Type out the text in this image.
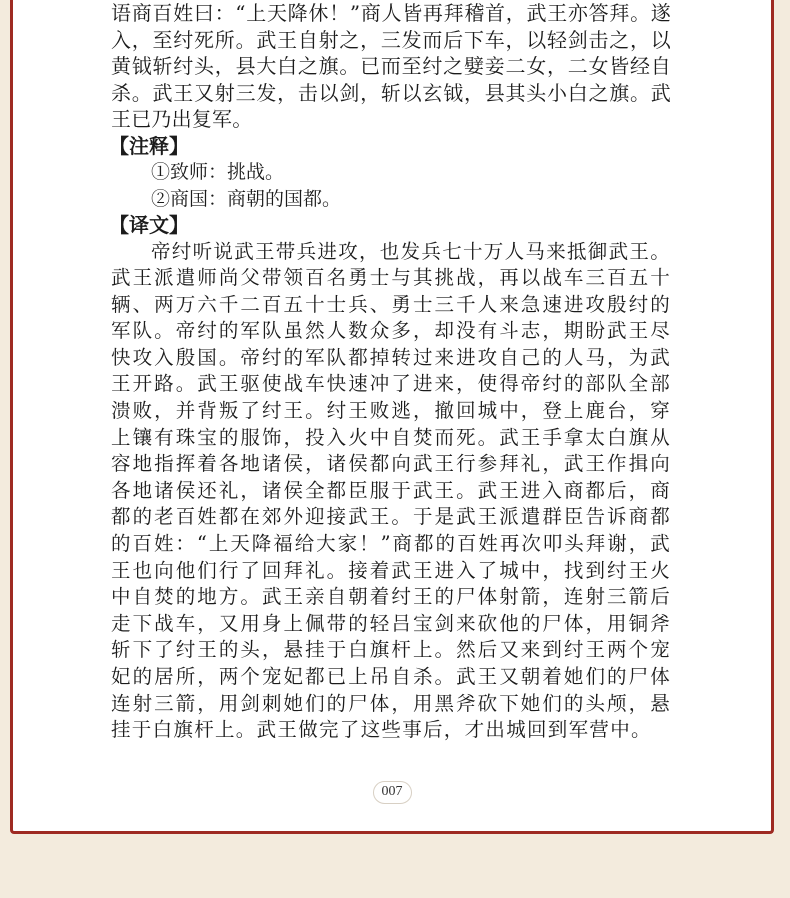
语商百姓曰：“上天降休！”商人皆再拜稽首，武王亦答拜。遂入，至纣死所。武王自射之，三发而后下车，以轻剑击之，以黄钺斩纣头，县大白之旗。已而至纣之嬖妾二女，二女皆经自杀。武王又射三发，击以剑，斩以玄钺，县其头小白之旗。武王已乃出复军。

【注释】

①致师：挑战。

②商国：商朝的国都。

【译文】

帝纣听说武王带兵进攻，也发兵七十万人马来抵御武王。武王派遣师尚父带领百名勇士与其挑战，再以战车三百五十辆、两万六千二百五十士兵、勇士三千人来急速进攻殷纣的军队。帝纣的军队虽然人数众多，却没有斗志，期盼武王尽快攻入殷国。帝纣的军队都掉转过来进攻自己的人马，为武王开路。武王驱使战车快速冲了进来，使得帝纣的部队全部溃败，并背叛了纣王。纣王败逃，撤回城中，登上鹿台，穿上镶有珠宝的服饰，投入火中自焚而死。武王手拿太白旗从容地指挥着各地诸侯，诸侯都向武王行参拜礼，武王作揖向各地诸侯还礼，诸侯全都臣服于武王。武王进入商都后，商都的老百姓都在郊外迎接武王。于是武王派遣群臣告诉商都的百姓：“上天降福给大家！”商都的百姓再次叩头拜谢，武王也向他们行了回拜礼。接着武王进入了城中，找到纣王火中自焚的地方。武王亲自朝着纣王的尸体射箭，连射三箭后走下战车，又用身上佩带的轻吕宝剑来砍他的尸体，用铜斧斩下了纣王的头，悬挂于白旗杆上。然后又来到纣王两个宠妃的居所，两个宠妃都已上吊自杀。武王又朝着她们的尸体连射三箭，用剑刺她们的尸体，用黑斧砍下她们的头颅，悬挂于白旗杆上。武王做完了这些事后，才出城回到军营中。

007
